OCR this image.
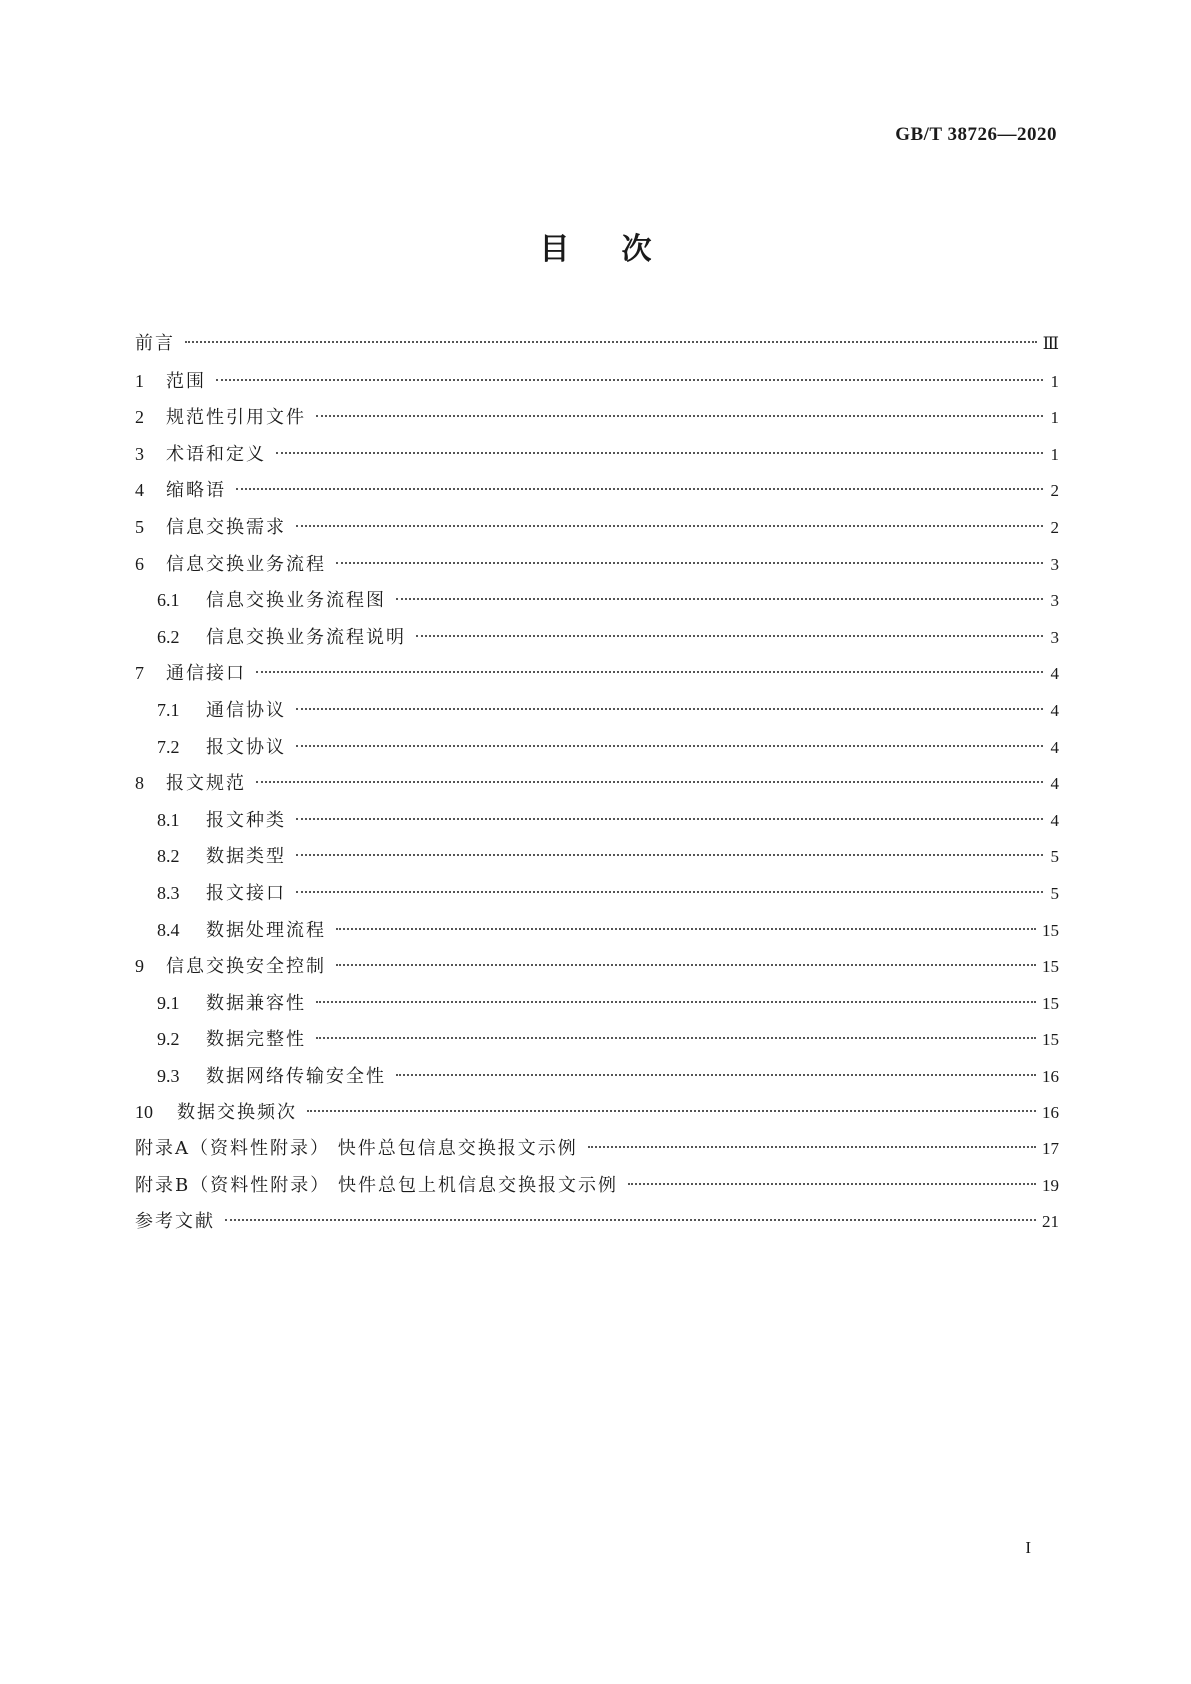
GB/T 38726—2020
目次
前言	Ⅲ
1	范围	1
2	规范性引用文件	1
3	术语和定义	1
4	缩略语	2
5	信息交换需求	2
6	信息交换业务流程	3
6.1	信息交换业务流程图	3
6.2	信息交换业务流程说明	3
7	通信接口	4
7.1	通信协议	4
7.2	报文协议	4
8	报文规范	4
8.1	报文种类	4
8.2	数据类型	5
8.3	报文接口	5
8.4	数据处理流程	15
9	信息交换安全控制	15
9.1	数据兼容性	15
9.2	数据完整性	15
9.3	数据网络传输安全性	16
10	数据交换频次	16
附录A（资料性附录） 快件总包信息交换报文示例	17
附录B（资料性附录） 快件总包上机信息交换报文示例	19
参考文献	21
I
